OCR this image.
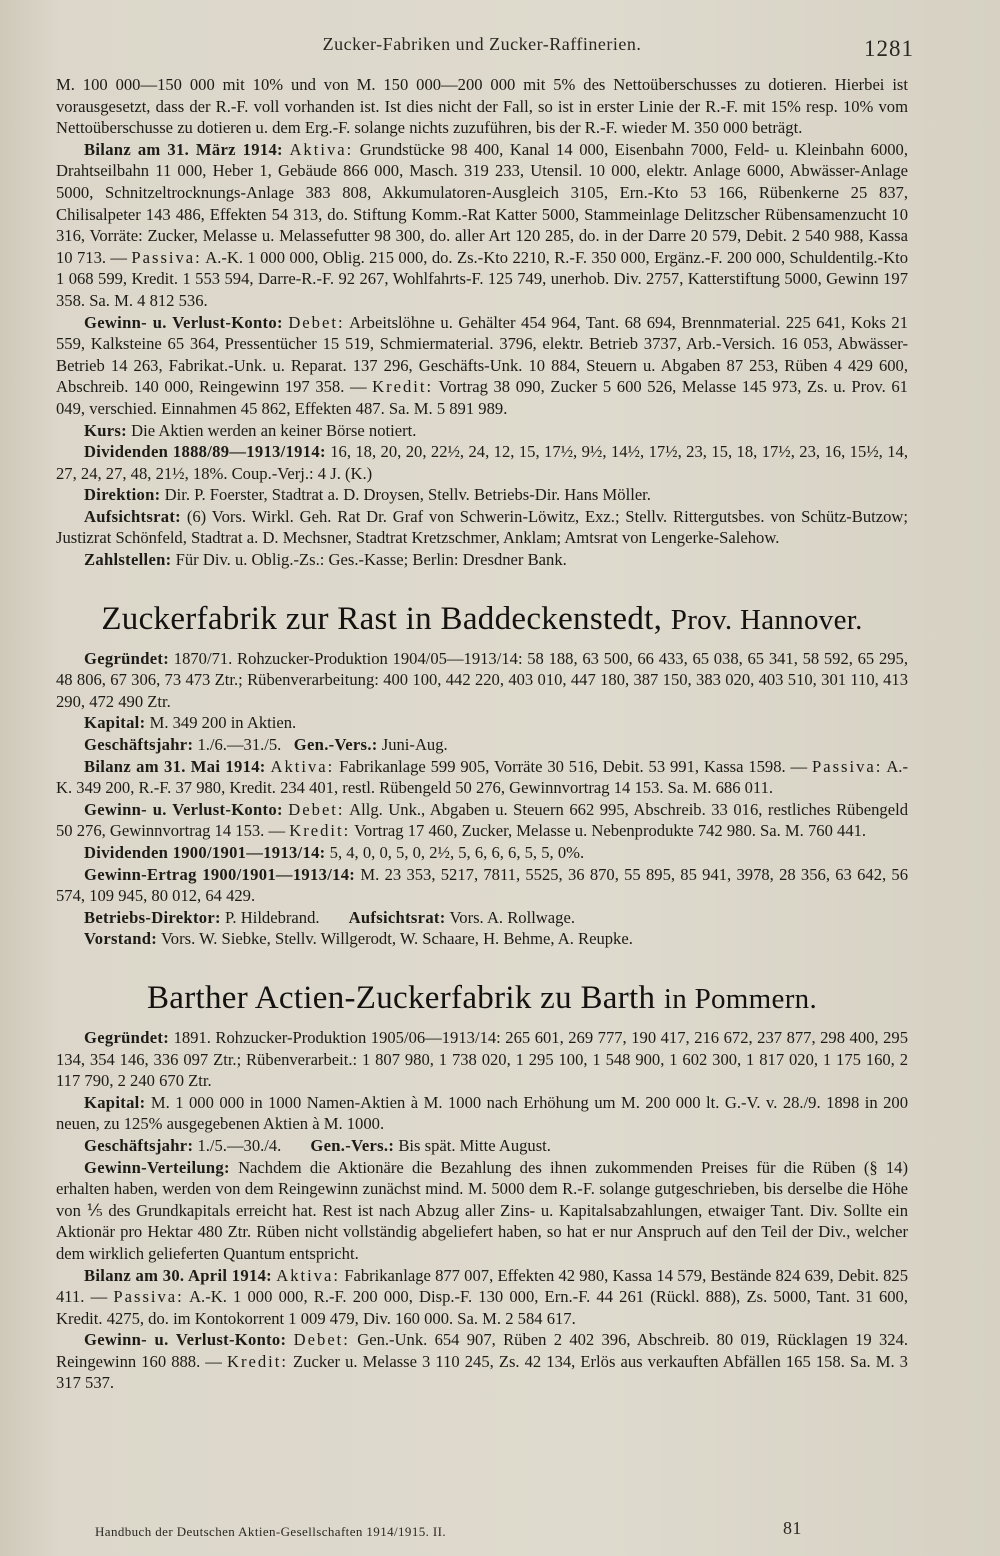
Zucker-Fabriken und Zucker-Raffinerien.	1281

M. 100 000—150 000 mit 10% und von M. 150 000—200 000 mit 5% des Nettoüberschusses zu dotieren. Hierbei ist vorausgesetzt, dass der R.-F. voll vorhanden ist. Ist dies nicht der Fall, so ist in erster Linie der R.-F. mit 15% resp. 10% vom Nettoüberschusse zu dotieren u. dem Erg.-F. solange nichts zuzuführen, bis der R.-F. wieder M. 350 000 beträgt.

Bilanz am 31. März 1914: Aktiva: Grundstücke 98 400, Kanal 14 000, Eisenbahn 7000, Feld- u. Kleinbahn 6000, Drahtseilbahn 11 000, Heber 1, Gebäude 866 000, Masch. 319 233, Utensil. 10 000, elektr. Anlage 6000, Abwässer-Anlage 5000, Schnitzeltrocknungs-Anlage 383 808, Akkumulatoren-Ausgleich 3105, Ern.-Kto 53 166, Rübenkerne 25 837, Chilisalpeter 143 486, Effekten 54 313, do. Stiftung Komm.-Rat Katter 5000, Stammeinlage Delitzscher Rübensamenzucht 10 316, Vorräte: Zucker, Melasse u. Melassefutter 98 300, do. aller Art 120 285, do. in der Darre 20 579, Debit. 2 540 988, Kassa 10 713. — Passiva: A.-K. 1 000 000, Oblig. 215 000, do. Zs.-Kto 2210, R.-F. 350 000, Ergänz.-F. 200 000, Schuldentilg.-Kto 1 068 599, Kredit. 1 553 594, Darre-R.-F. 92 267, Wohlfahrts-F. 125 749, unerhob. Div. 2757, Katterstiftung 5000, Gewinn 197 358. Sa. M. 4 812 536.

Gewinn- u. Verlust-Konto: Debet: Arbeitslöhne u. Gehälter 454 964, Tant. 68 694, Brennmaterial. 225 641, Koks 21 559, Kalksteine 65 364, Pressentücher 15 519, Schmiermaterial. 3796, elektr. Betrieb 3737, Arb.-Versich. 16 053, Abwässer-Betrieb 14 263, Fabrikat.-Unk. u. Reparat. 137 296, Geschäfts-Unk. 10 884, Steuern u. Abgaben 87 253, Rüben 4 429 600, Abschreib. 140 000, Reingewinn 197 358. — Kredit: Vortrag 38 090, Zucker 5 600 526, Melasse 145 973, Zs. u. Prov. 61 049, verschied. Einnahmen 45 862, Effekten 487. Sa. M. 5 891 989.

Kurs: Die Aktien werden an keiner Börse notiert.

Dividenden 1888/89—1913/1914: 16, 18, 20, 20, 22½, 24, 12, 15, 17½, 9½, 14½, 17½, 23, 15, 18, 17½, 23, 16, 15½, 14, 27, 24, 27, 48, 21½, 18%. Coup.-Verj.: 4 J. (K.)

Direktion: Dir. P. Foerster, Stadtrat a. D. Droysen, Stellv. Betriebs-Dir. Hans Möller.

Aufsichtsrat: (6) Vors. Wirkl. Geh. Rat Dr. Graf von Schwerin-Löwitz, Exz.; Stellv. Rittergutsbes. von Schütz-Butzow; Justizrat Schönfeld, Stadtrat a. D. Mechsner, Stadtrat Kretzschmer, Anklam; Amtsrat von Lengerke-Salehow.

Zahlstellen: Für Div. u. Oblig.-Zs.: Ges.-Kasse; Berlin: Dresdner Bank.

Zuckerfabrik zur Rast in Baddeckenstedt, Prov. Hannover.

Gegründet: 1870/71. Rohzucker-Produktion 1904/05—1913/14: 58 188, 63 500, 66 433, 65 038, 65 341, 58 592, 65 295, 48 806, 67 306, 73 473 Ztr.; Rübenverarbeitung: 400 100, 442 220, 403 010, 447 180, 387 150, 383 020, 403 510, 301 110, 413 290, 472 490 Ztr.

Kapital: M. 349 200 in Aktien.

Geschäftsjahr: 1./6.—31./5. Gen.-Vers.: Juni-Aug.

Bilanz am 31. Mai 1914: Aktiva: Fabrikanlage 599 905, Vorräte 30 516, Debit. 53 991, Kassa 1598. — Passiva: A.-K. 349 200, R.-F. 37 980, Kredit. 234 401, restl. Rübengeld 50 276, Gewinnvortrag 14 153. Sa. M. 686 011.

Gewinn- u. Verlust-Konto: Debet: Allg. Unk., Abgaben u. Steuern 662 995, Abschreib. 33 016, restliches Rübengeld 50 276, Gewinnvortrag 14 153. — Kredit: Vortrag 17 460, Zucker, Melasse u. Nebenprodukte 742 980. Sa. M. 760 441.

Dividenden 1900/1901—1913/14: 5, 4, 0, 0, 5, 0, 2½, 5, 6, 6, 6, 5, 5, 0%.

Gewinn-Ertrag 1900/1901—1913/14: M. 23 353, 5217, 7811, 5525, 36 870, 55 895, 85 941, 3978, 28 356, 63 642, 56 574, 109 945, 80 012, 64 429.

Betriebs-Direktor: P. Hildebrand. Aufsichtsrat: Vors. A. Rollwage.

Vorstand: Vors. W. Siebke, Stellv. Willgerodt, W. Schaare, H. Behme, A. Reupke.

Barther Actien-Zuckerfabrik zu Barth in Pommern.

Gegründet: 1891. Rohzucker-Produktion 1905/06—1913/14: 265 601, 269 777, 190 417, 216 672, 237 877, 298 400, 295 134, 354 146, 336 097 Ztr.; Rübenverarbeit.: 1 807 980, 1 738 020, 1 295 100, 1 548 900, 1 602 300, 1 817 020, 1 175 160, 2 117 790, 2 240 670 Ztr.

Kapital: M. 1 000 000 in 1000 Namen-Aktien à M. 1000 nach Erhöhung um M. 200 000 lt. G.-V. v. 28./9. 1898 in 200 neuen, zu 125% ausgegebenen Aktien à M. 1000.

Geschäftsjahr: 1./5.—30./4. Gen.-Vers.: Bis spät. Mitte August.

Gewinn-Verteilung: Nachdem die Aktionäre die Bezahlung des ihnen zukommenden Preises für die Rüben (§ 14) erhalten haben, werden von dem Reingewinn zunächst mind. M. 5000 dem R.-F. solange gutgeschrieben, bis derselbe die Höhe von ⅕ des Grundkapitals erreicht hat. Rest ist nach Abzug aller Zins- u. Kapitalsabzahlungen, etwaiger Tant. Div. Sollte ein Aktionär pro Hektar 480 Ztr. Rüben nicht vollständig abgeliefert haben, so hat er nur Anspruch auf den Teil der Div., welcher dem wirklich gelieferten Quantum entspricht.

Bilanz am 30. April 1914: Aktiva: Fabrikanlage 877 007, Effekten 42 980, Kassa 14 579, Bestände 824 639, Debit. 825 411. — Passiva: A.-K. 1 000 000, R.-F. 200 000, Disp.-F. 130 000, Ern.-F. 44 261 (Rückl. 888), Zs. 5000, Tant. 31 600, Kredit. 4275, do. im Kontokorrent 1 009 479, Div. 160 000. Sa. M. 2 584 617.

Gewinn- u. Verlust-Konto: Debet: Gen.-Unk. 654 907, Rüben 2 402 396, Abschreib. 80 019, Rücklagen 19 324. Reingewinn 160 888. — Kredit: Zucker u. Melasse 3 110 245, Zs. 42 134, Erlös aus verkauften Abfällen 165 158. Sa. M. 3 317 537.

Handbuch der Deutschen Aktien-Gesellschaften 1914/1915. II.	81
